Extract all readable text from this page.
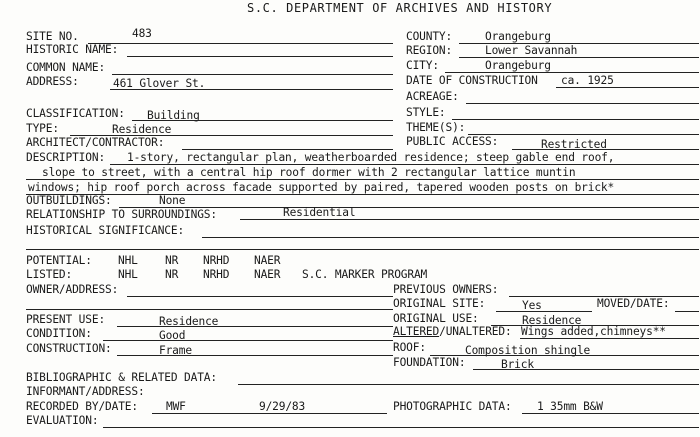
S.C. DEPARTMENT OF ARCHIVES AND HISTORY
SITE NO.	483
HISTORIC NAME:
COMMON NAME:
ADDRESS:	461 Glover St.
COUNTY:	Orangeburg
REGION:	Lower Savannah
CITY:	Orangeburg
DATE OF CONSTRUCTION ca. 1925
ACREAGE:
CLASSIFICATION: Building
TYPE:	Residence
ARCHITECT/CONTRACTOR:
STYLE:
THEME(S):
PUBLIC ACCESS:	Restricted
DESCRIPTION: 1-story, rectangular plan, weatherboarded residence; steep gable end roof,
slope to street, with a central hip roof dormer with 2 rectangular lattice muntin
windows; hip roof porch across facade supported by paired, tapered wooden posts on brick*
OUTBUILDINGS:	None
RELATIONSHIP TO SURROUNDINGS:	Residential
HISTORICAL SIGNIFICANCE:
POTENTIAL: NHL NR NRHD NAER
LISTED:	NHL NR NRHD NAER S.C. MARKER PROGRAM
OWNER/ADDRESS:	PREVIOUS OWNERS:
ORIGINAL SITE:	Yes	MOVED/DATE:
PRESENT USE:	Residence	ORIGINAL USE:	Residence
CONDITION:	Good	ALTERED/UNALTERED: Wings added,chimneys**
CONSTRUCTION:	Frame	ROOF:	Composition shingle
FOUNDATION:	Brick
BIBLIOGRAPHIC & RELATED DATA:
INFORMANT/ADDRESS:
RECORDED BY/DATE:	MWF	9/29/83	PHOTOGRAPHIC DATA: 1 35mm B&W
EVALUATION:
